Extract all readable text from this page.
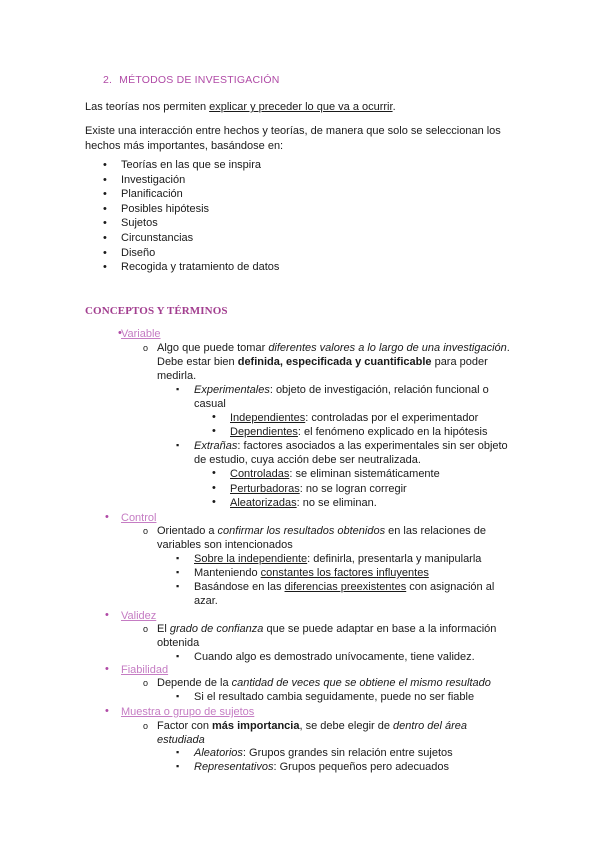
2. MÉTODOS DE INVESTIGACIÓN

Las teorías nos permiten explicar y preceder lo que va a ocurrir.

Existe una interacción entre hechos y teorías, de manera que solo se seleccionan los
hechos más importantes, basándose en:

• Teorías en las que se inspira
• Investigación
• Planificación
• Posibles hipótesis
• Sujetos
• Circunstancias
• Diseño
• Recogida y tratamiento de datos
CONCEPTOS Y TÉRMINOS
• Variable
o Algo que puede tomar diferentes valores a lo largo de una investigación.
Debe estar bien definida, especificada y cuantificable para poder
medirla.
▪ Experimentales: objeto de investigación, relación funcional o
casual
• Independientes: controladas por el experimentador
• Dependientes: el fenómeno explicado en la hipótesis
▪ Extrañas: factores asociados a las experimentales sin ser objeto
de estudio, cuya acción debe ser neutralizada.
• Controladas: se eliminan sistemáticamente
• Perturbadoras: no se logran corregir
• Aleatorizadas: no se eliminan.
• Control
o Orientado a confirmar los resultados obtenidos en las relaciones de
variables son intencionados
▪ Sobre la independiente: definirla, presentarla y manipularla
▪ Manteniendo constantes los factores influyentes
▪ Basándose en las diferencias preexistentes con asignación al
azar.
• Validez
o El grado de confianza que se puede adaptar en base a la información
obtenida
▪ Cuando algo es demostrado unívocamente, tiene validez.
• Fiabilidad
o Depende de la cantidad de veces que se obtiene el mismo resultado
▪ Si el resultado cambia seguidamente, puede no ser fiable
• Muestra o grupo de sujetos
o Factor con más importancia, se debe elegir de dentro del área
estudiada
▪ Aleatorios: Grupos grandes sin relación entre sujetos
▪ Representativos: Grupos pequeños pero adecuados
